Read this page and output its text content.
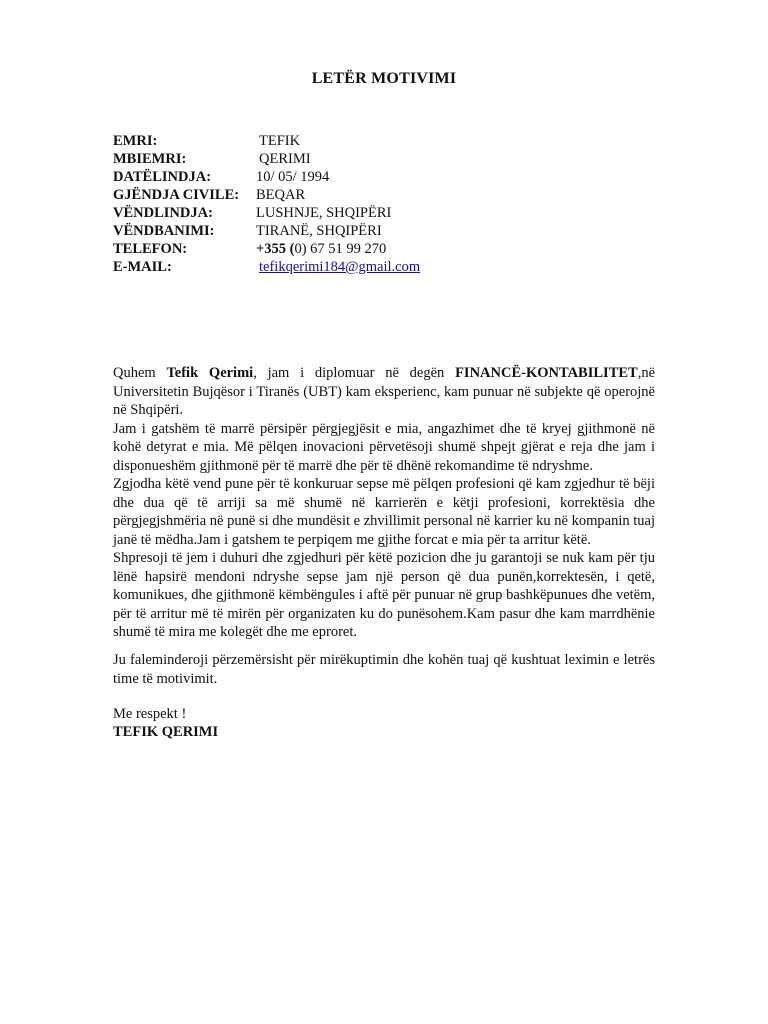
LETËR MOTIVIMI
EMRI:	TEFIK
MBIEMRI:	QERIMI
DATËLINDJA:	10/ 05/ 1994
GJËNDJA CIVILE: BEQAR
VËNDLINDJA:	LUSHNJE, SHQIPËRI
VËNDBANIMI:	TIRANË, SHQIPËRI
TELEFON:	+355 (0) 67 51 99 270
E-MAIL:	tefikqerimi184@gmail.com
Quhem Tefik Qerimi, jam i diplomuar në degën FINANCË-KONTABILITET,në Universitetin Bujqësor i Tiranës (UBT) kam eksperienc, kam punuar në subjekte që operojnë në Shqipëri.
Jam i gatshëm të marrë përsipër përgjegjësit e mia, angazhimet dhe të kryej gjithmonë në kohë detyrat e mia. Më pëlqen inovacioni përvetësoji shumë shpejt gjërat e reja dhe jam i disponueshëm gjithmonë për të marrë dhe për të dhënë rekomandime të ndryshme.
Zgjodha këtë vend pune për të konkuruar sepse më pëlqen profesioni që kam zgjedhur të bëji dhe dua që të arriji sa më shumë në karrierën e këtji profesioni, korrektësia dhe përgjegjshmëria në punë si dhe mundësit e zhvillimit personal në karrier ku në kompanin tuaj janë të mëdha.Jam i gatshem te perpiqem me gjithe forcat e mia për ta arritur këtë.
Shpresoji të jem i duhuri dhe zgjedhuri për këtë pozicion dhe ju garantoji se nuk kam për tju lënë hapsirë mendoni ndryshe sepse jam një person që dua punën,korrektesën, i qetë, komunikues, dhe gjithmonë këmbëngules i aftë për punuar në grup bashkëpunues dhe vetëm, për të arritur më të mirën për organizaten ku do punësohem.Kam pasur dhe kam marrdhënie shumë të mira me kolegët dhe me eproret.
Ju faleminderoji përzemërsisht për mirëkuptimin dhe kohën tuaj që kushtuat leximin e letrës time të motivimit.
Me respekt !
TEFIK QERIMI
